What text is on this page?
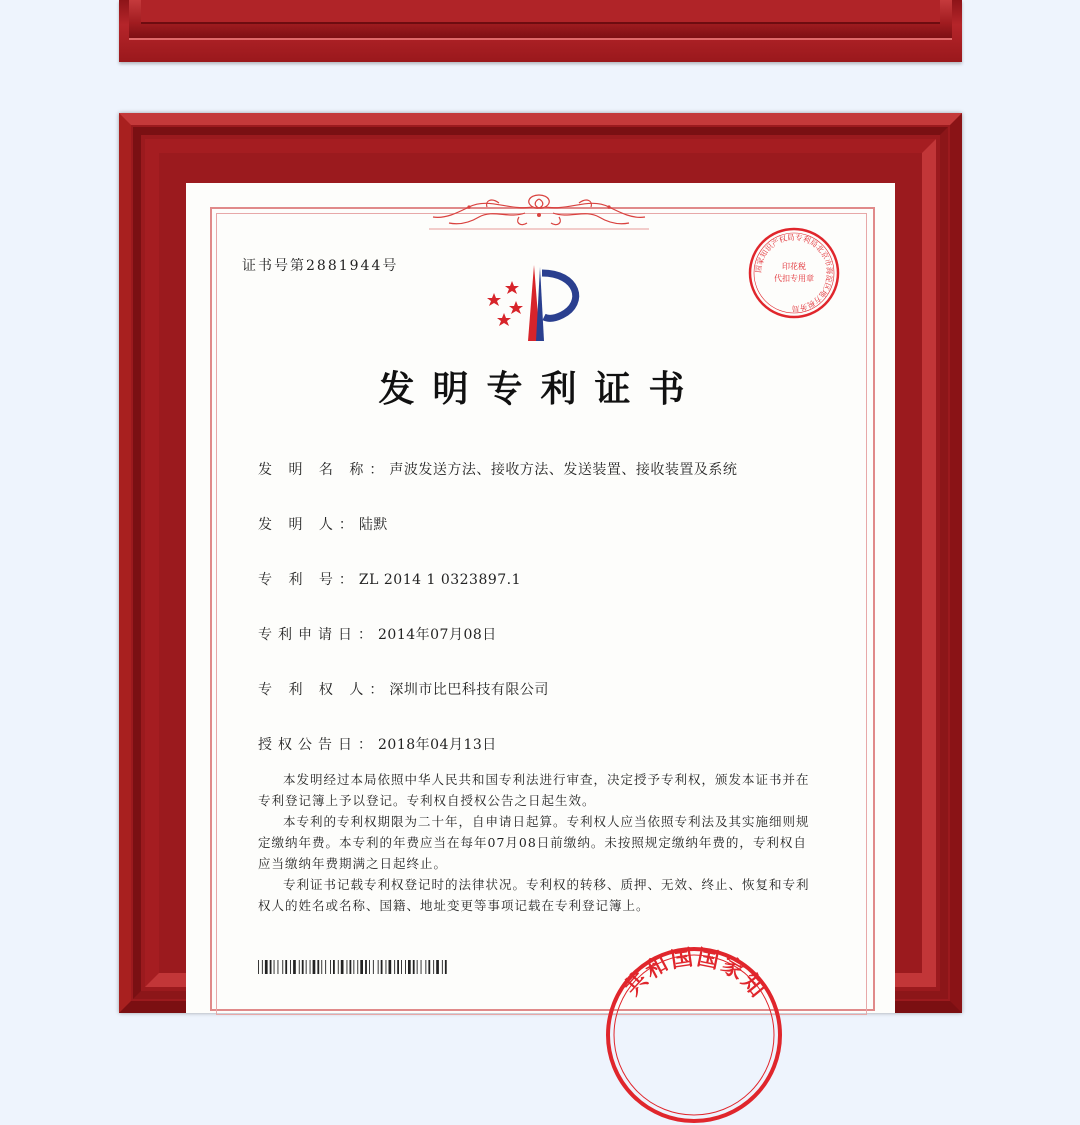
证书号第2881944号	国家知识产权局专利局北京市海淀区地方税务局
印花税
代扣专用章
发明专利证书
发 明 名 称：声波发送方法、接收方法、发送装置、接收装置及系统
发 明 人：陆默
专 利 号：ZL 2014 1 0323897.1
专利申请日：2014年07月08日
专 利 权 人：深圳市比巴科技有限公司
授权公告日：2018年04月13日

本发明经过本局依照中华人民共和国专利法进行审查，决定授予专利权，颁发本证书并在专利登记簿上予以登记。专利权自授权公告之日起生效。

本专利的专利权期限为二十年，自申请日起算。专利权人应当依照专利法及其实施细则规定缴纳年费。本专利的年费应当在每年07月08日前缴纳。未按照规定缴纳年费的，专利权自应当缴纳年费期满之日起终止。

专利证书记载专利权登记时的法律状况。专利权的转移、质押、无效、终止、恢复和专利权人的姓名或名称、国籍、地址变更等事项记载在专利登记簿上。

共和国国家知
